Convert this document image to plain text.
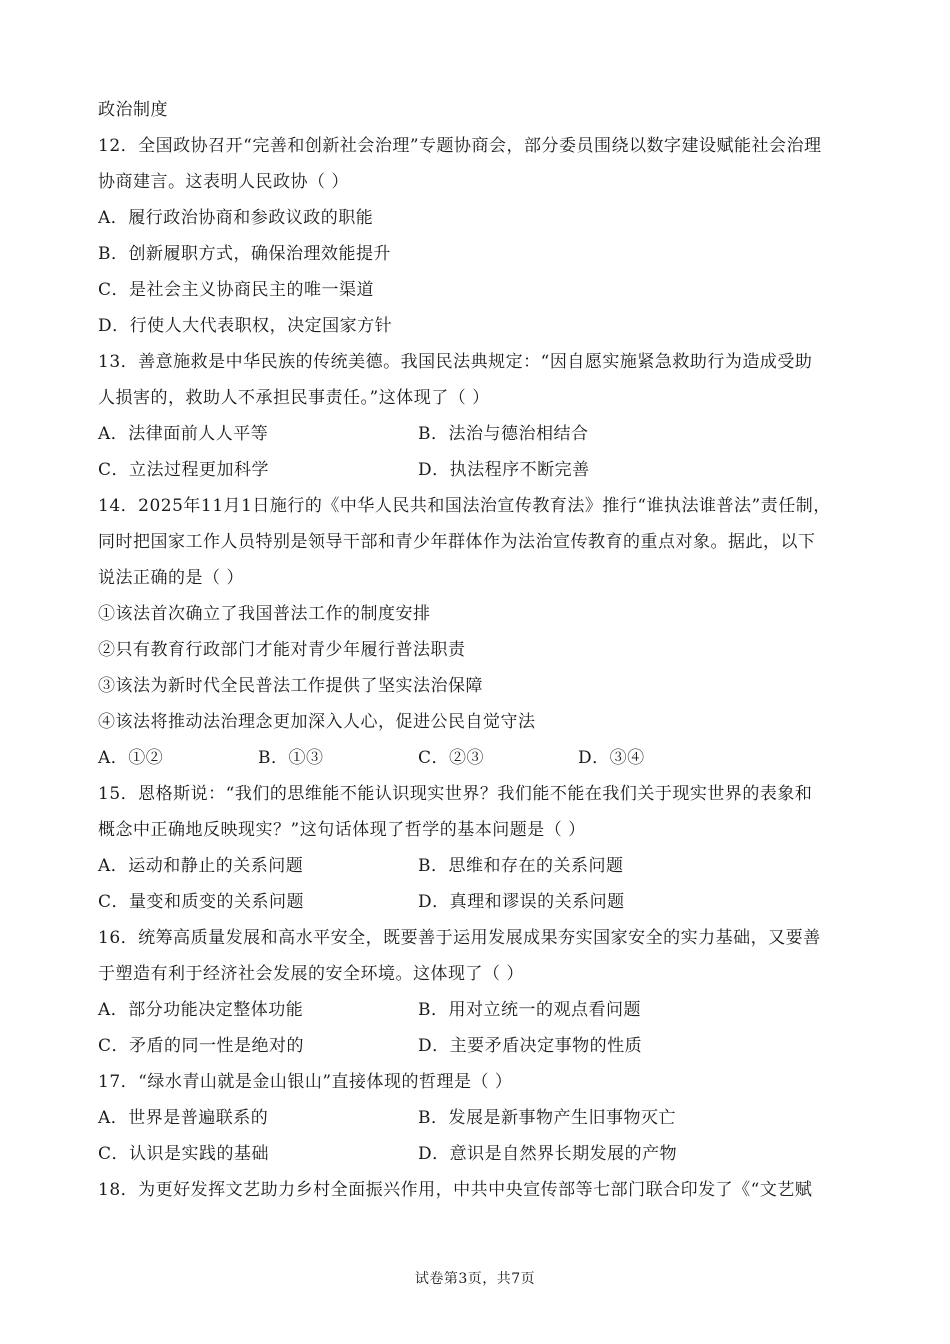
政治制度
12．全国政协召开“完善和创新社会治理”专题协商会，部分委员围绕以数字建设赋能社会治理
协商建言。这表明人民政协（ ）
A．履行政治协商和参政议政的职能
B．创新履职方式，确保治理效能提升
C．是社会主义协商民主的唯一渠道
D．行使人大代表职权，决定国家方针
13．善意施救是中华民族的传统美德。我国民法典规定：“因自愿实施紧急救助行为造成受助
人损害的，救助人不承担民事责任。”这体现了（ ）
A．法律面前人人平等	B．法治与德治相结合
C．立法过程更加科学	D．执法程序不断完善
14．2025年11月1日施行的《中华人民共和国法治宣传教育法》推行“谁执法谁普法”责任制，
同时把国家工作人员特别是领导干部和青少年群体作为法治宣传教育的重点对象。据此，以下
说法正确的是（ ）
①该法首次确立了我国普法工作的制度安排
②只有教育行政部门才能对青少年履行普法职责
③该法为新时代全民普法工作提供了坚实法治保障
④该法将推动法治理念更加深入人心，促进公民自觉守法
A．①②	B．①③	C．②③	D．③④
15．恩格斯说：“我们的思维能不能认识现实世界？我们能不能在我们关于现实世界的表象和
概念中正确地反映现实？”这句话体现了哲学的基本问题是（ ）
A．运动和静止的关系问题	B．思维和存在的关系问题
C．量变和质变的关系问题	D．真理和谬误的关系问题
16．统筹高质量发展和高水平安全，既要善于运用发展成果夯实国家安全的实力基础，又要善
于塑造有利于经济社会发展的安全环境。这体现了（ ）
A．部分功能决定整体功能	B．用对立统一的观点看问题
C．矛盾的同一性是绝对的	D．主要矛盾决定事物的性质
17．“绿水青山就是金山银山”直接体现的哲理是（ ）
A．世界是普遍联系的	B．发展是新事物产生旧事物灭亡
C．认识是实践的基础	D．意识是自然界长期发展的产物
18．为更好发挥文艺助力乡村全面振兴作用，中共中央宣传部等七部门联合印发了《“文艺赋
试卷第3页，共7页
